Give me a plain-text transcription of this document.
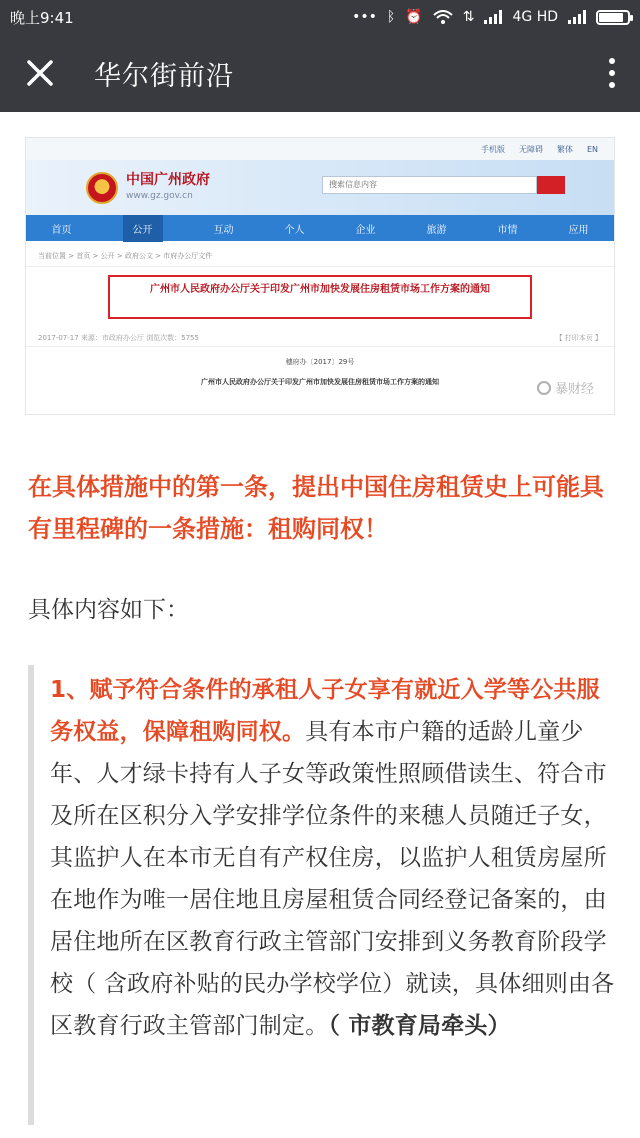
晚上9:41	••• ᛒ ⏰	⇅	4G HD
华尔街前沿
手机版 无障碍 繁体 EN
中国广州政府
www.gz.gov.cn
搜索信息内容
首页	公开	互动	个人	企业	旅游	市情	应用
当前位置 > 首页 > 公开 > 政府公文 > 市府办公厅文件
广州市人民政府办公厅关于印发广州市加快发展住房租赁市场工作方案的通知
2017-07-17 来源：市政府办公厅 浏览次数：5755	【 打印本页 】
穗府办〔2017〕29号
广州市人民政府办公厅关于印发广州市加快发展住房租赁市场工作方案的通知	暴财经
在具体措施中的第一条，提出中国住房租赁史上可能具有里程碑的一条措施：租购同权！
具体内容如下：

1、赋予符合条件的承租人子女享有就近入学等公共服务权益，保障租购同权。具有本市户籍的适龄儿童少年、人才绿卡持有人子女等政策性照顾借读生、符合市及所在区积分入学安排学位条件的来穗人员随迁子女，其监护人在本市无自有产权住房，以监护人租赁房屋所在地作为唯一居住地且房屋租赁合同经登记备案的，由居住地所在区教育行政主管部门安排到义务教育阶段学校（ 含政府补贴的民办学校学位）就读，具体细则由各区教育行政主管部门制定。（ 市教育局牵头）
